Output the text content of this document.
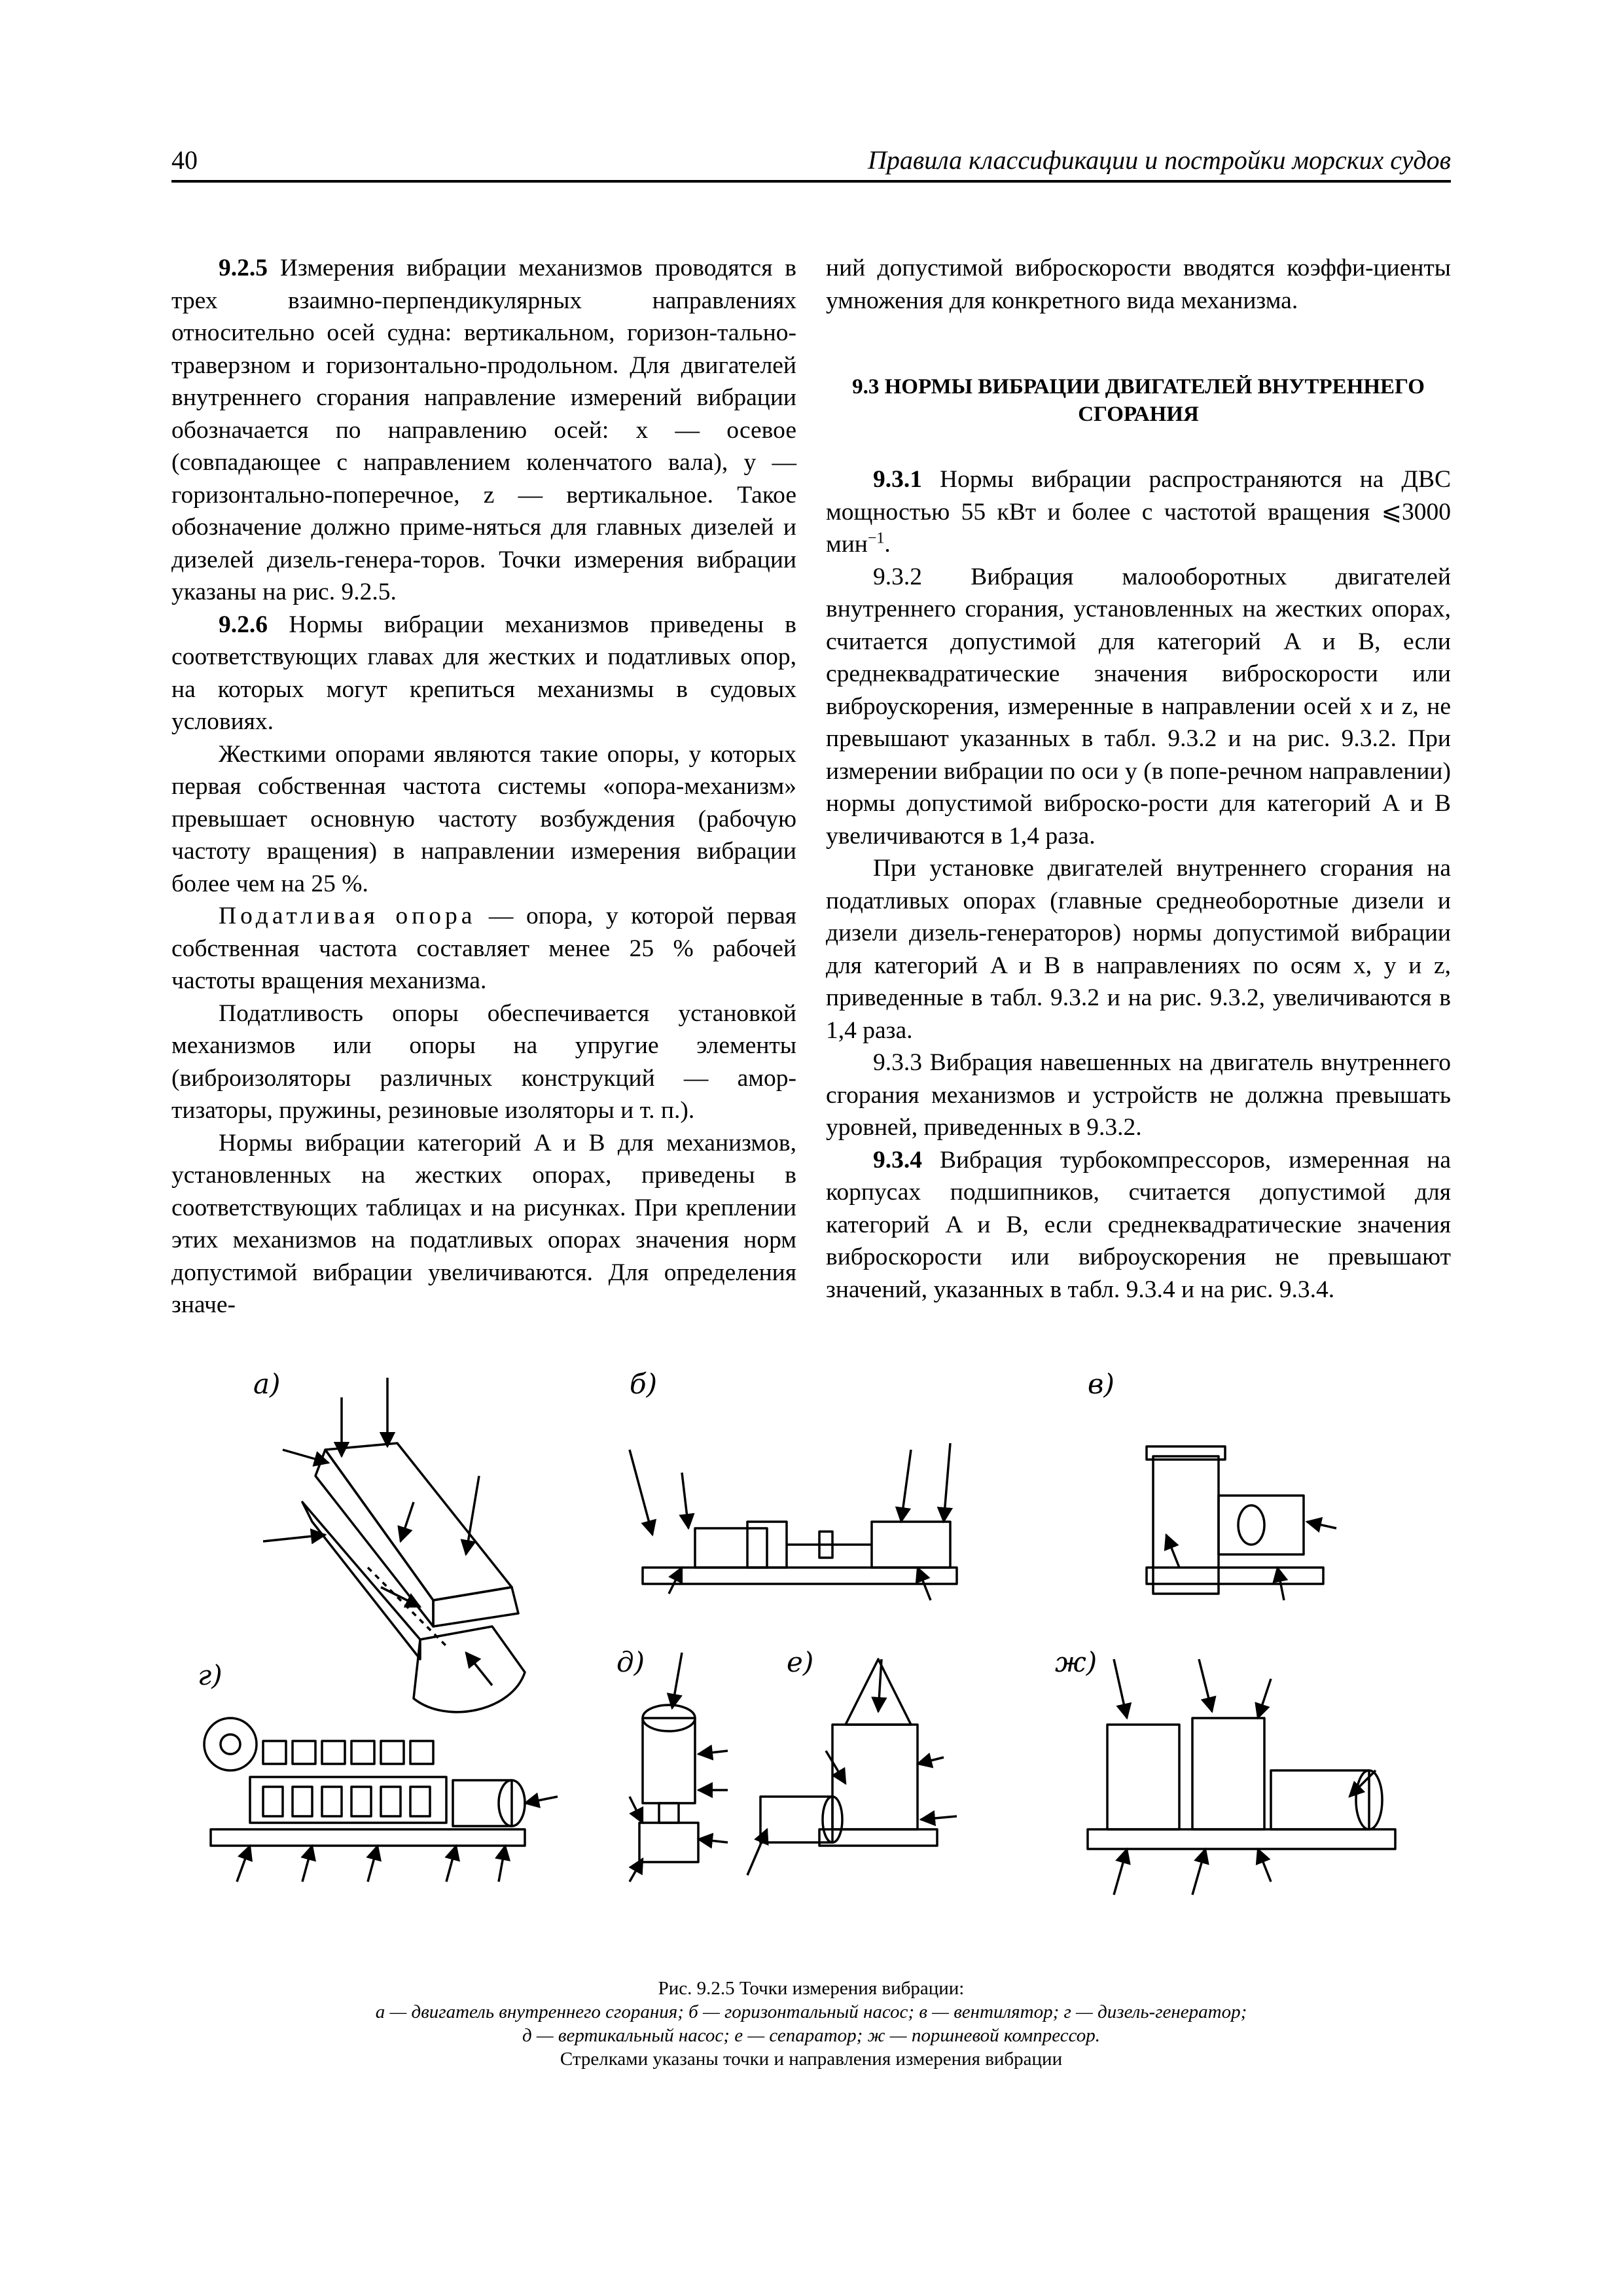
40	Правила классификации и постройки морских судов

9.2.5 Измерения вибрации механизмов проводятся в трех взаимно-перпендикулярных направлениях относительно осей судна: вертикальном, горизон-тально-траверзном и горизонтально-продольном. Для двигателей внутреннего сгорания направление измерений вибрации обозначается по направлению осей: x — осевое (совпадающее с направлением коленчатого вала), y — горизонтально-поперечное, z — вертикальное. Такое обозначение должно приме-няться для главных дизелей и дизелей дизель-генера-торов. Точки измерения вибрации указаны на рис. 9.2.5.

9.2.6 Нормы вибрации механизмов приведены в соответствующих главах для жестких и податливых опор, на которых могут крепиться механизмы в судовых условиях.

Жесткими опорами являются такие опоры, у которых первая собственная частота системы «опора-механизм» превышает основную частоту возбуждения (рабочую частоту вращения) в направлении измерения вибрации более чем на 25 %.

Податливая опора — опора, у которой первая собственная частота составляет менее 25 % рабочей частоты вращения механизма.

Податливость опоры обеспечивается установкой механизмов или опоры на упругие элементы (виброизоляторы различных конструкций — амор-тизаторы, пружины, резиновые изоляторы и т. п.).

Нормы вибрации категорий A и B для механизмов, установленных на жестких опорах, приведены в соответствующих таблицах и на рисунках. При креплении этих механизмов на податливых опорах значения норм допустимой вибрации увеличиваются. Для определения значе-

ний допустимой виброскорости вводятся коэффи-циенты умножения для конкретного вида механизма.

9.3 НОРМЫ ВИБРАЦИИ ДВИГАТЕЛЕЙ ВНУТРЕННЕГО СГОРАНИЯ

9.3.1 Нормы вибрации распространяются на ДВС мощностью 55 кВт и более с частотой вращения ⩽3000 мин$^{-1}$.

9.3.2 Вибрация малооборотных двигателей внутреннего сгорания, установленных на жестких опорах, считается допустимой для категорий A и B, если среднеквадратические значения виброскорости или виброускорения, измеренные в направлении осей x и z, не превышают указанных в табл. 9.3.2 и на рис. 9.3.2. При измерении вибрации по оси y (в попе-речном направлении) нормы допустимой виброско-рости для категорий A и B увеличиваются в 1,4 раза.

При установке двигателей внутреннего сгорания на податливых опорах (главные среднеоборотные дизели и дизели дизель-генераторов) нормы допустимой вибрации для категорий A и B в направлениях по осям x, y и z, приведенные в табл. 9.3.2 и на рис. 9.3.2, увеличиваются в 1,4 раза.

9.3.3 Вибрация навешенных на двигатель внутреннего сгорания механизмов и устройств не должна превышать уровней, приведенных в 9.3.2.

9.3.4 Вибрация турбокомпрессоров, измеренная на корпусах подшипников, считается допустимой для категорий A и B, если среднеквадратические значения виброскорости или виброускорения не превышают значений, указанных в табл. 9.3.4 и на рис. 9.3.4.

а)	б)	в)
г)	д)	е)	ж)
Рис. 9.2.5 Точки измерения вибрации:
а — двигатель внутреннего сгорания; б — горизонтальный насос; в — вентилятор; г — дизель-генератор;
д — вертикальный насос; е — сепаратор; ж — поршневой компрессор.
Стрелками указаны точки и направления измерения вибрации
